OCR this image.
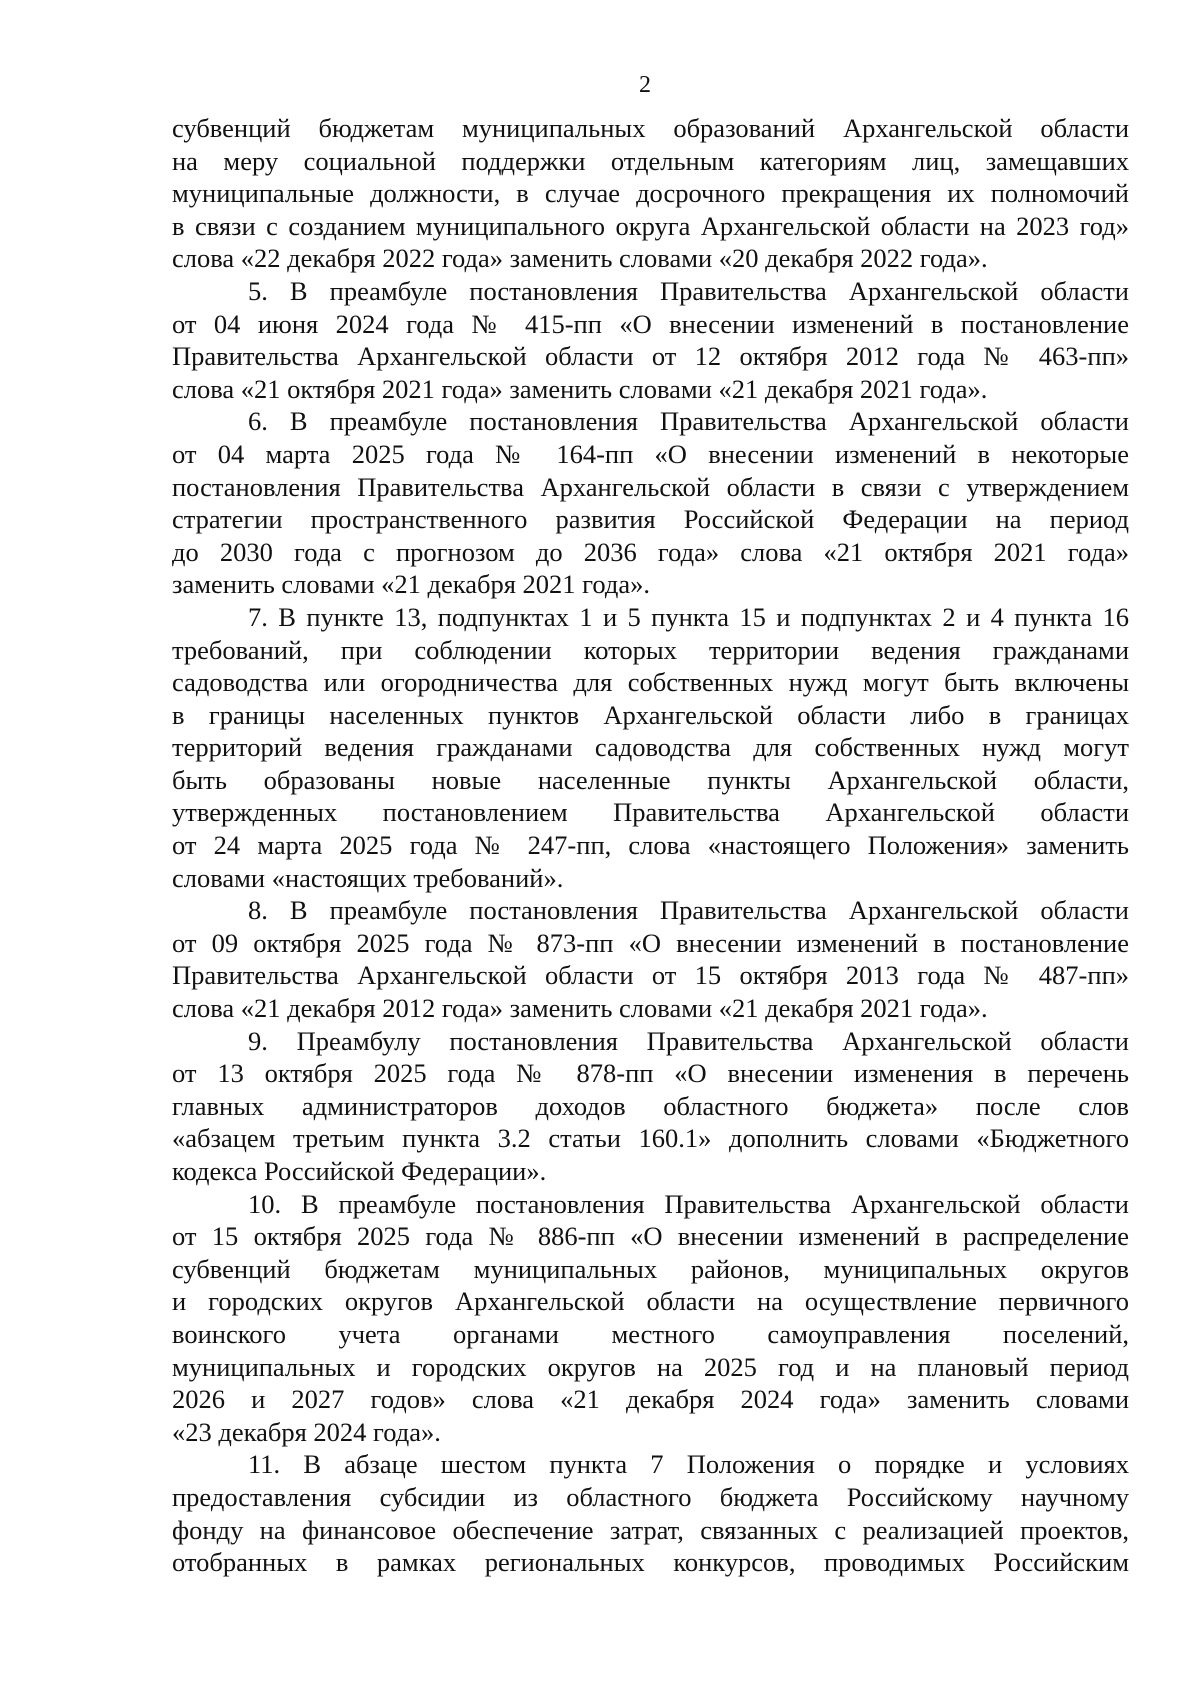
2
субвенций бюджетам муниципальных образований Архангельской области
на меру социальной поддержки отдельным категориям лиц, замещавших
муниципальные должности, в случае досрочного прекращения их полномочий
в связи с созданием муниципального округа Архангельской области на 2023 год»
слова «22 декабря 2022 года» заменить словами «20 декабря 2022 года».
5. В преамбуле постановления Правительства Архангельской области
от 04 июня 2024 года № 415-пп «О внесении изменений в постановление
Правительства Архангельской области от 12 октября 2012 года № 463-пп»
слова «21 октября 2021 года» заменить словами «21 декабря 2021 года».
6. В преамбуле постановления Правительства Архангельской области
от 04 марта 2025 года № 164-пп «О внесении изменений в некоторые
постановления Правительства Архангельской области в связи с утверждением
стратегии пространственного развития Российской Федерации на период
до 2030 года с прогнозом до 2036 года» слова «21 октября 2021 года»
заменить словами «21 декабря 2021 года».
7. В пункте 13, подпунктах 1 и 5 пункта 15 и подпунктах 2 и 4 пункта 16
требований, при соблюдении которых территории ведения гражданами
садоводства или огородничества для собственных нужд могут быть включены
в границы населенных пунктов Архангельской области либо в границах
территорий ведения гражданами садоводства для собственных нужд могут
быть образованы новые населенные пункты Архангельской области,
утвержденных постановлением Правительства Архангельской области
от 24 марта 2025 года № 247-пп, слова «настоящего Положения» заменить
словами «настоящих требований».
8. В преамбуле постановления Правительства Архангельской области
от 09 октября 2025 года № 873-пп «О внесении изменений в постановление
Правительства Архангельской области от 15 октября 2013 года № 487-пп»
слова «21 декабря 2012 года» заменить словами «21 декабря 2021 года».
9. Преамбулу постановления Правительства Архангельской области
от 13 октября 2025 года № 878-пп «О внесении изменения в перечень
главных администраторов доходов областного бюджета» после слов
«абзацем третьим пункта 3.2 статьи 160.1» дополнить словами «Бюджетного
кодекса Российской Федерации».
10. В преамбуле постановления Правительства Архангельской области
от 15 октября 2025 года № 886-пп «О внесении изменений в распределение
субвенций бюджетам муниципальных районов, муниципальных округов
и городских округов Архангельской области на осуществление первичного
воинского учета органами местного самоуправления поселений,
муниципальных и городских округов на 2025 год и на плановый период
2026 и 2027 годов» слова «21 декабря 2024 года» заменить словами
«23 декабря 2024 года».
11. В абзаце шестом пункта 7 Положения о порядке и условиях
предоставления субсидии из областного бюджета Российскому научному
фонду на финансовое обеспечение затрат, связанных с реализацией проектов,
отобранных в рамках региональных конкурсов, проводимых Российским
